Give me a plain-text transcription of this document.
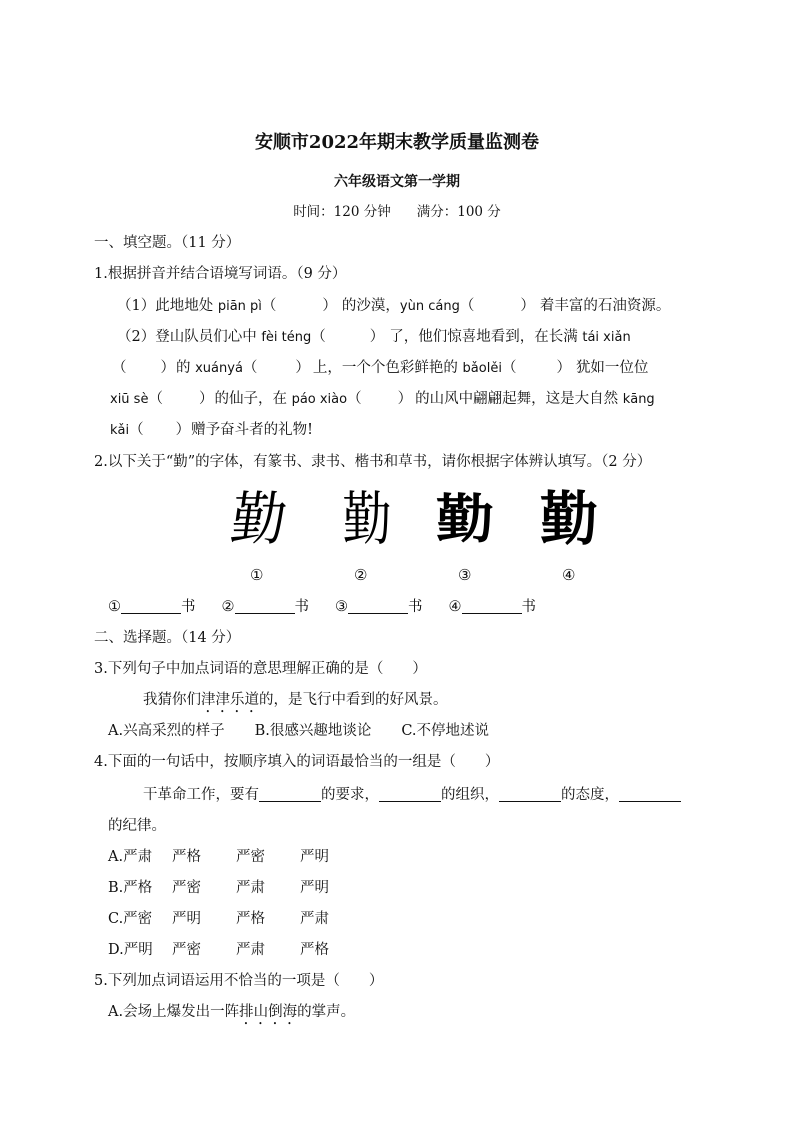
安顺市2022年期末教学质量监测卷
六年级语文第一学期
时间：120 分钟 满分：100 分
一、填空题。（11 分）
1.根据拼音并结合语境写词语。（9 分）
（1）此地地处 piān pì（	） 的沙漠，yùn cáng（	） 着丰富的石油资源。
（2）登山队员们心中 fèi téng（	） 了，他们惊喜地看到，在长满 tái xiǎn
（ ）的 xuányá（	） 上，一个个色彩鲜艳的 bǎolěi（	） 犹如一位位
xiū sè（ ）的仙子，在 páo xiào（ ） 的山风中翩翩起舞，这是大自然 kāng
kǎi（ ）赠予奋斗者的礼物!
2.以下关于“勤”的字体，有篆书、隶书、楷书和草书，请你根据字体辨认填写。（2 分）
勤 勤 勤 勤
①	②	③	④
①	书 ②	书 ③	书 ④	书
二、选择题。（14 分）
3.下列句子中加点词语的意思理解正确的是（　　）
我猜你们津津乐道的，是飞行中看到的好风景。
A.兴高采烈的样子 B.很感兴趣地谈论 C.不停地述说
4.下面的一句话中，按顺序填入的词语最恰当的一组是（　　）
干革命工作，要有	的要求，	的组织，	的态度，
的纪律。
A.严肃 严格 严密 严明
B.严格 严密 严肃 严明
C.严密 严明 严格 严肃
D.严明 严密 严肃 严格
5.下列加点词语运用不恰当的一项是（　　）
A.会场上爆发出一阵排山倒海的掌声。
